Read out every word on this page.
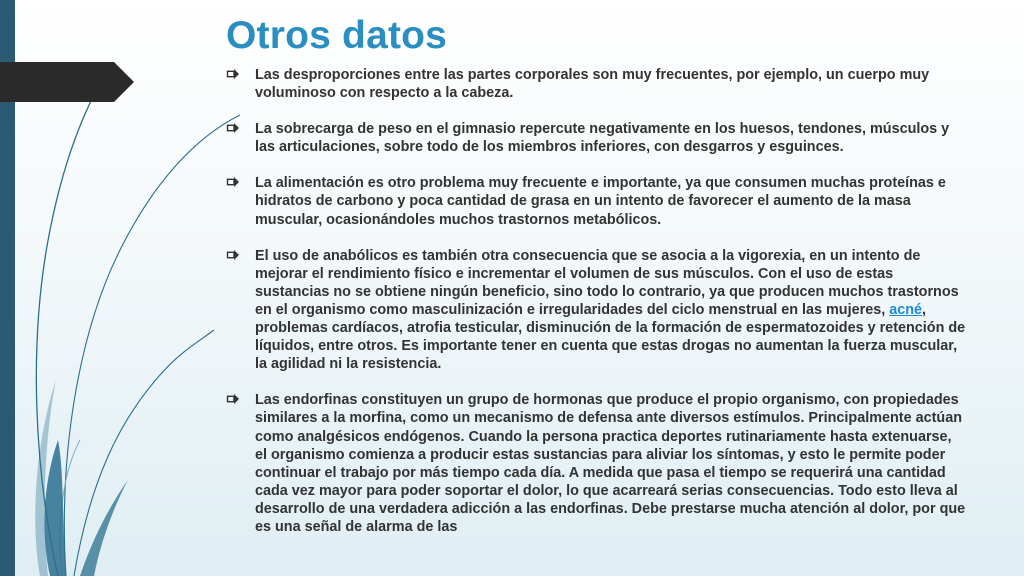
Otros datos
Las desproporciones entre las partes corporales son muy frecuentes, por ejemplo, un cuerpo muy voluminoso con respecto a la cabeza.
La sobrecarga de peso en el gimnasio repercute negativamente en los huesos, tendones, músculos y las articulaciones, sobre todo de los miembros inferiores, con desgarros y esguinces.
La alimentación es otro problema muy frecuente e importante, ya que consumen muchas proteínas e hidratos de carbono y poca cantidad de grasa en un intento de favorecer el aumento de la masa muscular, ocasionándoles muchos trastornos metabólicos.
El uso de anabólicos es también otra consecuencia que se asocia a la vigorexia, en un intento de mejorar el rendimiento físico e incrementar el volumen de sus músculos. Con el uso de estas sustancias no se obtiene ningún beneficio, sino todo lo contrario, ya que producen muchos trastornos en el organismo como masculinización e irregularidades del ciclo menstrual en las mujeres, acné, problemas cardíacos, atrofia testicular, disminución de la formación de espermatozoides y retención de líquidos, entre otros. Es importante tener en cuenta que estas drogas no aumentan la fuerza muscular, la agilidad ni la resistencia.
Las endorfinas constituyen un grupo de hormonas que produce el propio organismo, con propiedades similares a la morfina, como un mecanismo de defensa ante diversos estímulos. Principalmente actúan como analgésicos endógenos. Cuando la persona practica deportes rutinariamente hasta extenuarse, el organismo comienza a producir estas sustancias para aliviar los síntomas, y esto le permite poder continuar el trabajo por más tiempo cada día. A medida que pasa el tiempo se requerirá una cantidad cada vez mayor para poder soportar el dolor, lo que acarreará serias consecuencias. Todo esto lleva al desarrollo de una verdadera adicción a las endorfinas. Debe prestarse mucha atención al dolor, por que es una señal de alarma de las
